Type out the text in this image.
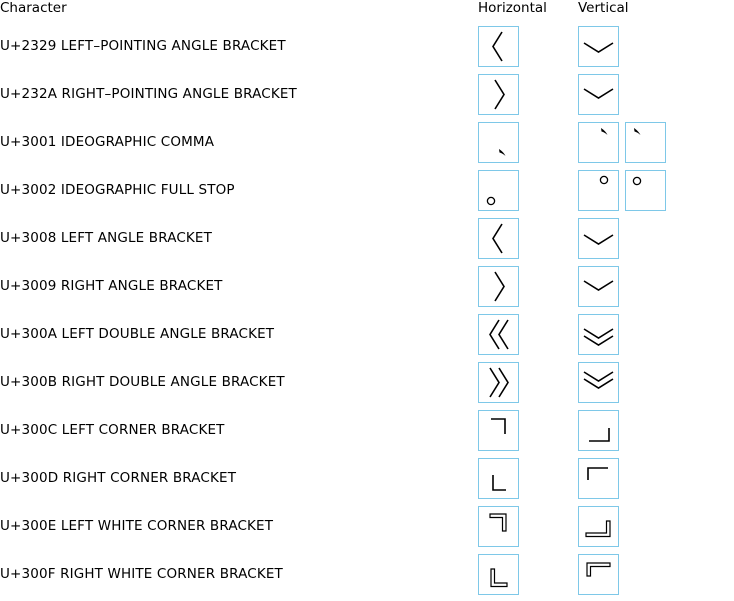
Character	Horizontal	Vertical
U+2329 LEFT–POINTING ANGLE BRACKET	

U+232A RIGHT–POINTING ANGLE BRACKET	

U+3001 IDEOGRAPHIC COMMA	

U+3002 IDEOGRAPHIC FULL STOP	

U+3008 LEFT ANGLE BRACKET	

U+3009 RIGHT ANGLE BRACKET	

U+300A LEFT DOUBLE ANGLE BRACKET	

U+300B RIGHT DOUBLE ANGLE BRACKET	

U+300C LEFT CORNER BRACKET	

U+300D RIGHT CORNER BRACKET	

U+300E LEFT WHITE CORNER BRACKET	

U+300F RIGHT WHITE CORNER BRACKET	
